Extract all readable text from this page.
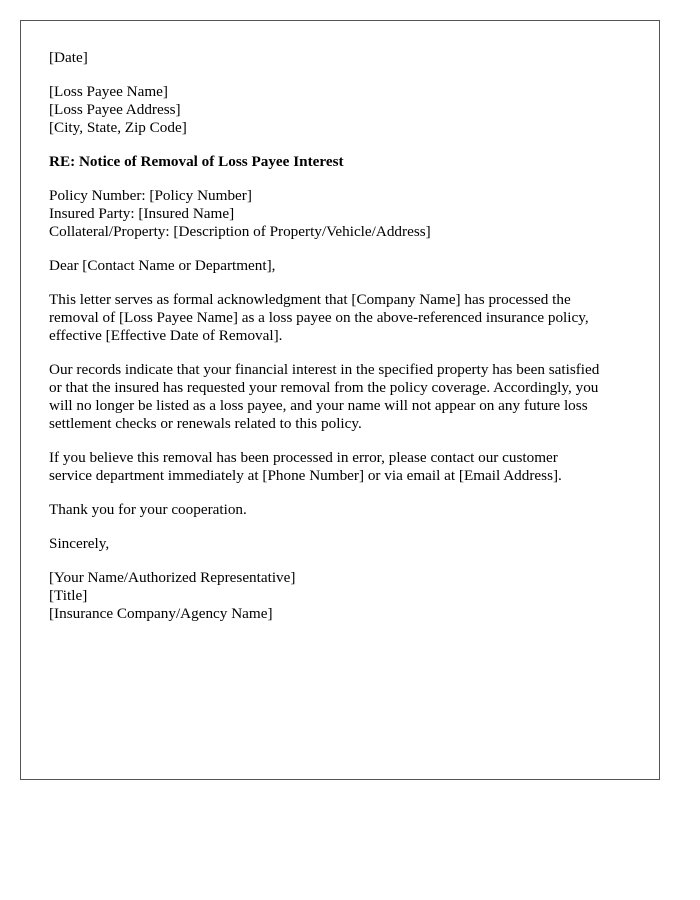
[Date]
[Loss Payee Name]
[Loss Payee Address]
[City, State, Zip Code]
RE: Notice of Removal of Loss Payee Interest
Policy Number: [Policy Number]
Insured Party: [Insured Name]
Collateral/Property: [Description of Property/Vehicle/Address]
Dear [Contact Name or Department],
This letter serves as formal acknowledgment that [Company Name] has processed the
removal of [Loss Payee Name] as a loss payee on the above-referenced insurance policy,
effective [Effective Date of Removal].
Our records indicate that your financial interest in the specified property has been satisfied
or that the insured has requested your removal from the policy coverage. Accordingly, you
will no longer be listed as a loss payee, and your name will not appear on any future loss
settlement checks or renewals related to this policy.
If you believe this removal has been processed in error, please contact our customer
service department immediately at [Phone Number] or via email at [Email Address].
Thank you for your cooperation.
Sincerely,
[Your Name/Authorized Representative]
[Title]
[Insurance Company/Agency Name]
